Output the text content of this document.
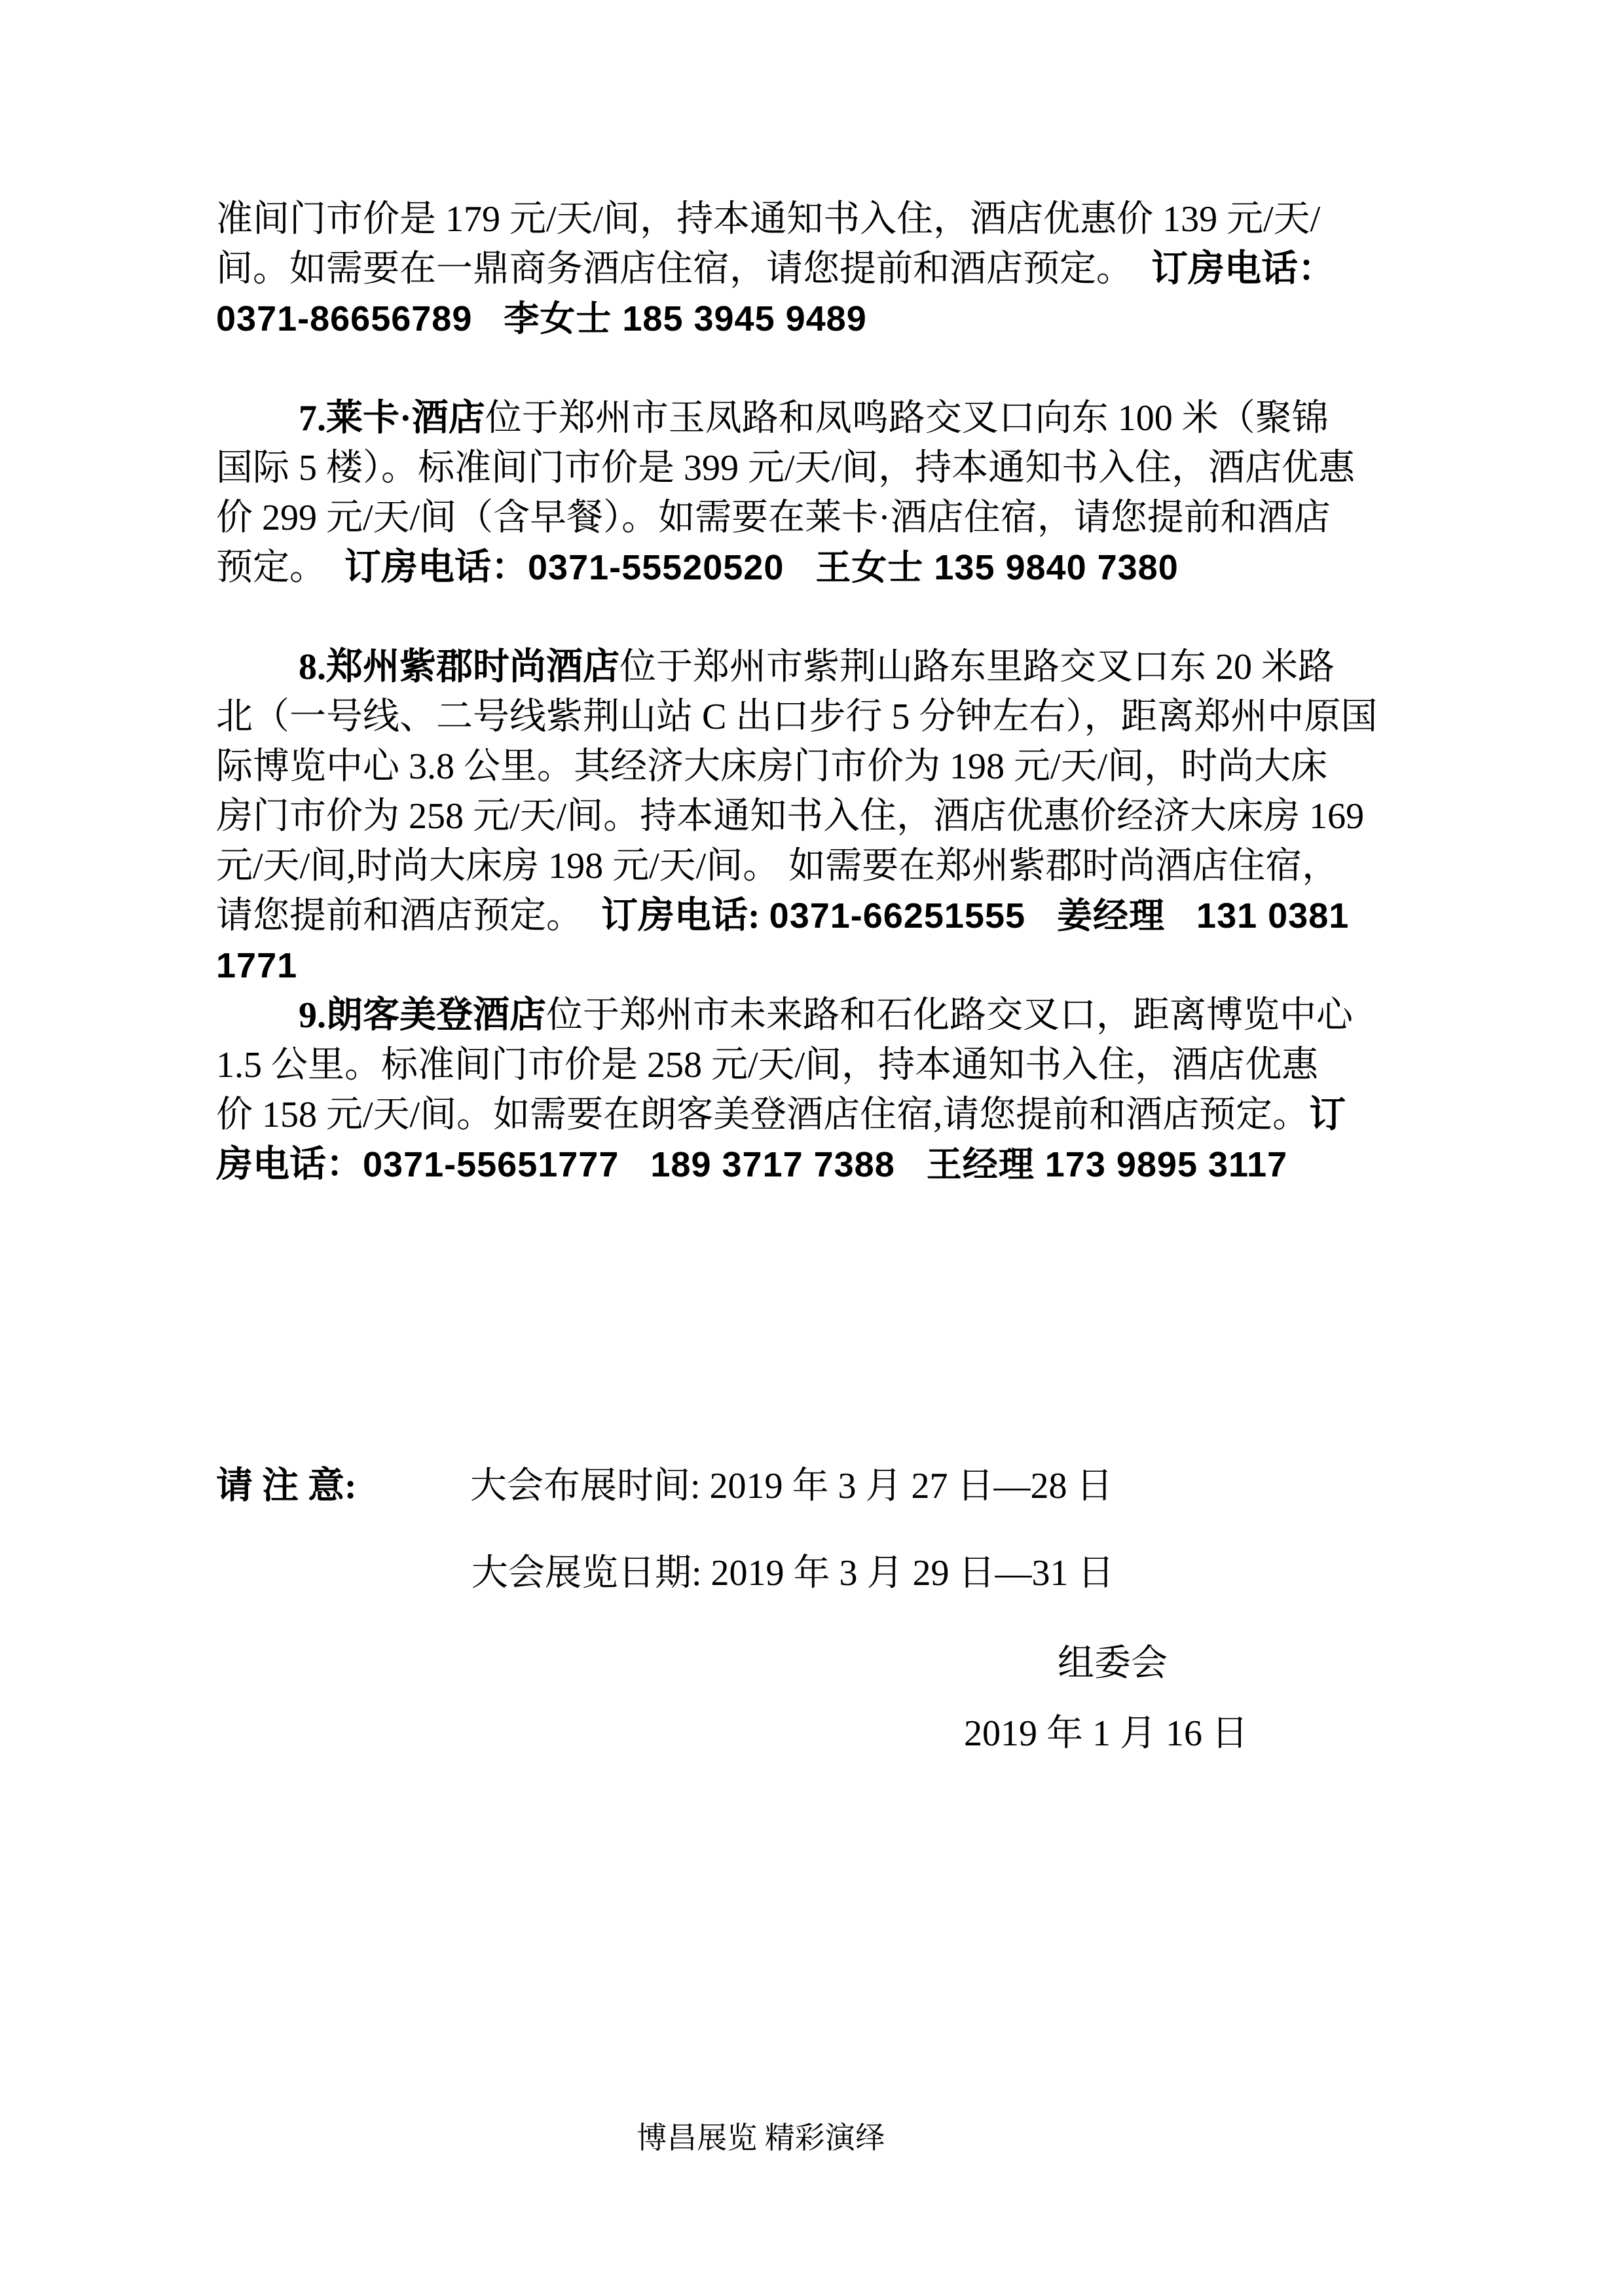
准间门市价是 179 元/天/间，持本通知书入住，酒店优惠价 139 元/天/
间。如需要在一鼎商务酒店住宿，请您提前和酒店预定。  订房电话：
0371-86656789   李女士 185 3945 9489
7.莱卡·酒店位于郑州市玉凤路和凤鸣路交叉口向东 100 米（聚锦
国际 5 楼）。标准间门市价是 399 元/天/间，持本通知书入住，酒店优惠
价 299 元/天/间（含早餐）。如需要在莱卡·酒店住宿，请您提前和酒店
预定。  订房电话：0371-55520520   王女士 135 9840 7380
8.郑州紫郡时尚酒店位于郑州市紫荆山路东里路交叉口东 20 米路
北（一号线、二号线紫荆山站 C 出口步行 5 分钟左右），距离郑州中原国
际博览中心 3.8 公里。其经济大床房门市价为 198 元/天/间，时尚大床
房门市价为 258 元/天/间。持本通知书入住，酒店优惠价经济大床房 169
元/天/间,时尚大床房 198 元/天/间。 如需要在郑州紫郡时尚酒店住宿，
请您提前和酒店预定。  订房电话: 0371-66251555   姜经理   131 0381
1771
9.朗客美登酒店位于郑州市未来路和石化路交叉口，距离博览中心
1.5 公里。标准间门市价是 258 元/天/间，持本通知书入住，酒店优惠
价 158 元/天/间。如需要在朗客美登酒店住宿,请您提前和酒店预定。订
房电话：0371-55651777   189 3717 7388   王经理 173 9895 3117
请 注 意:	大会布展时间: 2019 年 3 月 27 日—28 日
大会展览日期: 2019 年 3 月 29 日—31 日
组委会
2019 年 1 月 16 日
博昌展览 精彩演绎
